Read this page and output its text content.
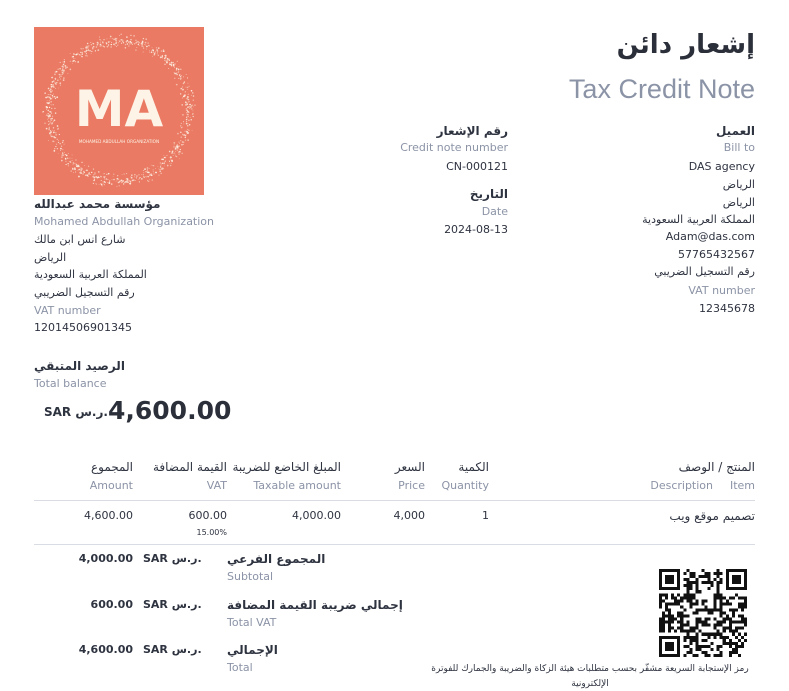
MA
MOHAMED ABDULLAH ORGANIZATION
إشعار دائن
Tax Credit Note
مؤسسة محمد عبدالله
Mohamed Abdullah Organization
شارع انس ابن مالك
الرياض
المملكة العربية السعودية
رقم التسجيل الضريبي
VAT number
12014506901345
الرصيد المتبقي
Total balance
4,600.00
SAR ر.س.
رقم الإشعار
Credit note number
CN-000121
التاريخ
Date
2024-08-13
العميل
Bill to
DAS agency
الرياض
الرياض
المملكة العربية السعودية
Adam@das.com
57765432567
رقم التسجيل الضريبي
VAT number
12345678
المنتج / الوصف
Item
Description
الكمية
Quantity
السعر
Price
المبلغ الخاضع للضريبة
Taxable amount
القيمة المضافة
VAT
المجموع
Amount
تصميم موقع ويب
1
4,000
4,000.00
600.00
15.00%
4,600.00
المجموع الفرعي
Subtotal
SAR ر.س.
4,000.00
إجمالي ضريبة القيمة المضافة
Total VAT
SAR ر.س.
600.00
الإجمالي
Total
SAR ر.س.
4,600.00
رمز الإستجابة السريعة مشفّر بحسب متطلبات هيئة الزكاة والضريبة والجمارك للفوترة الإلكترونية
